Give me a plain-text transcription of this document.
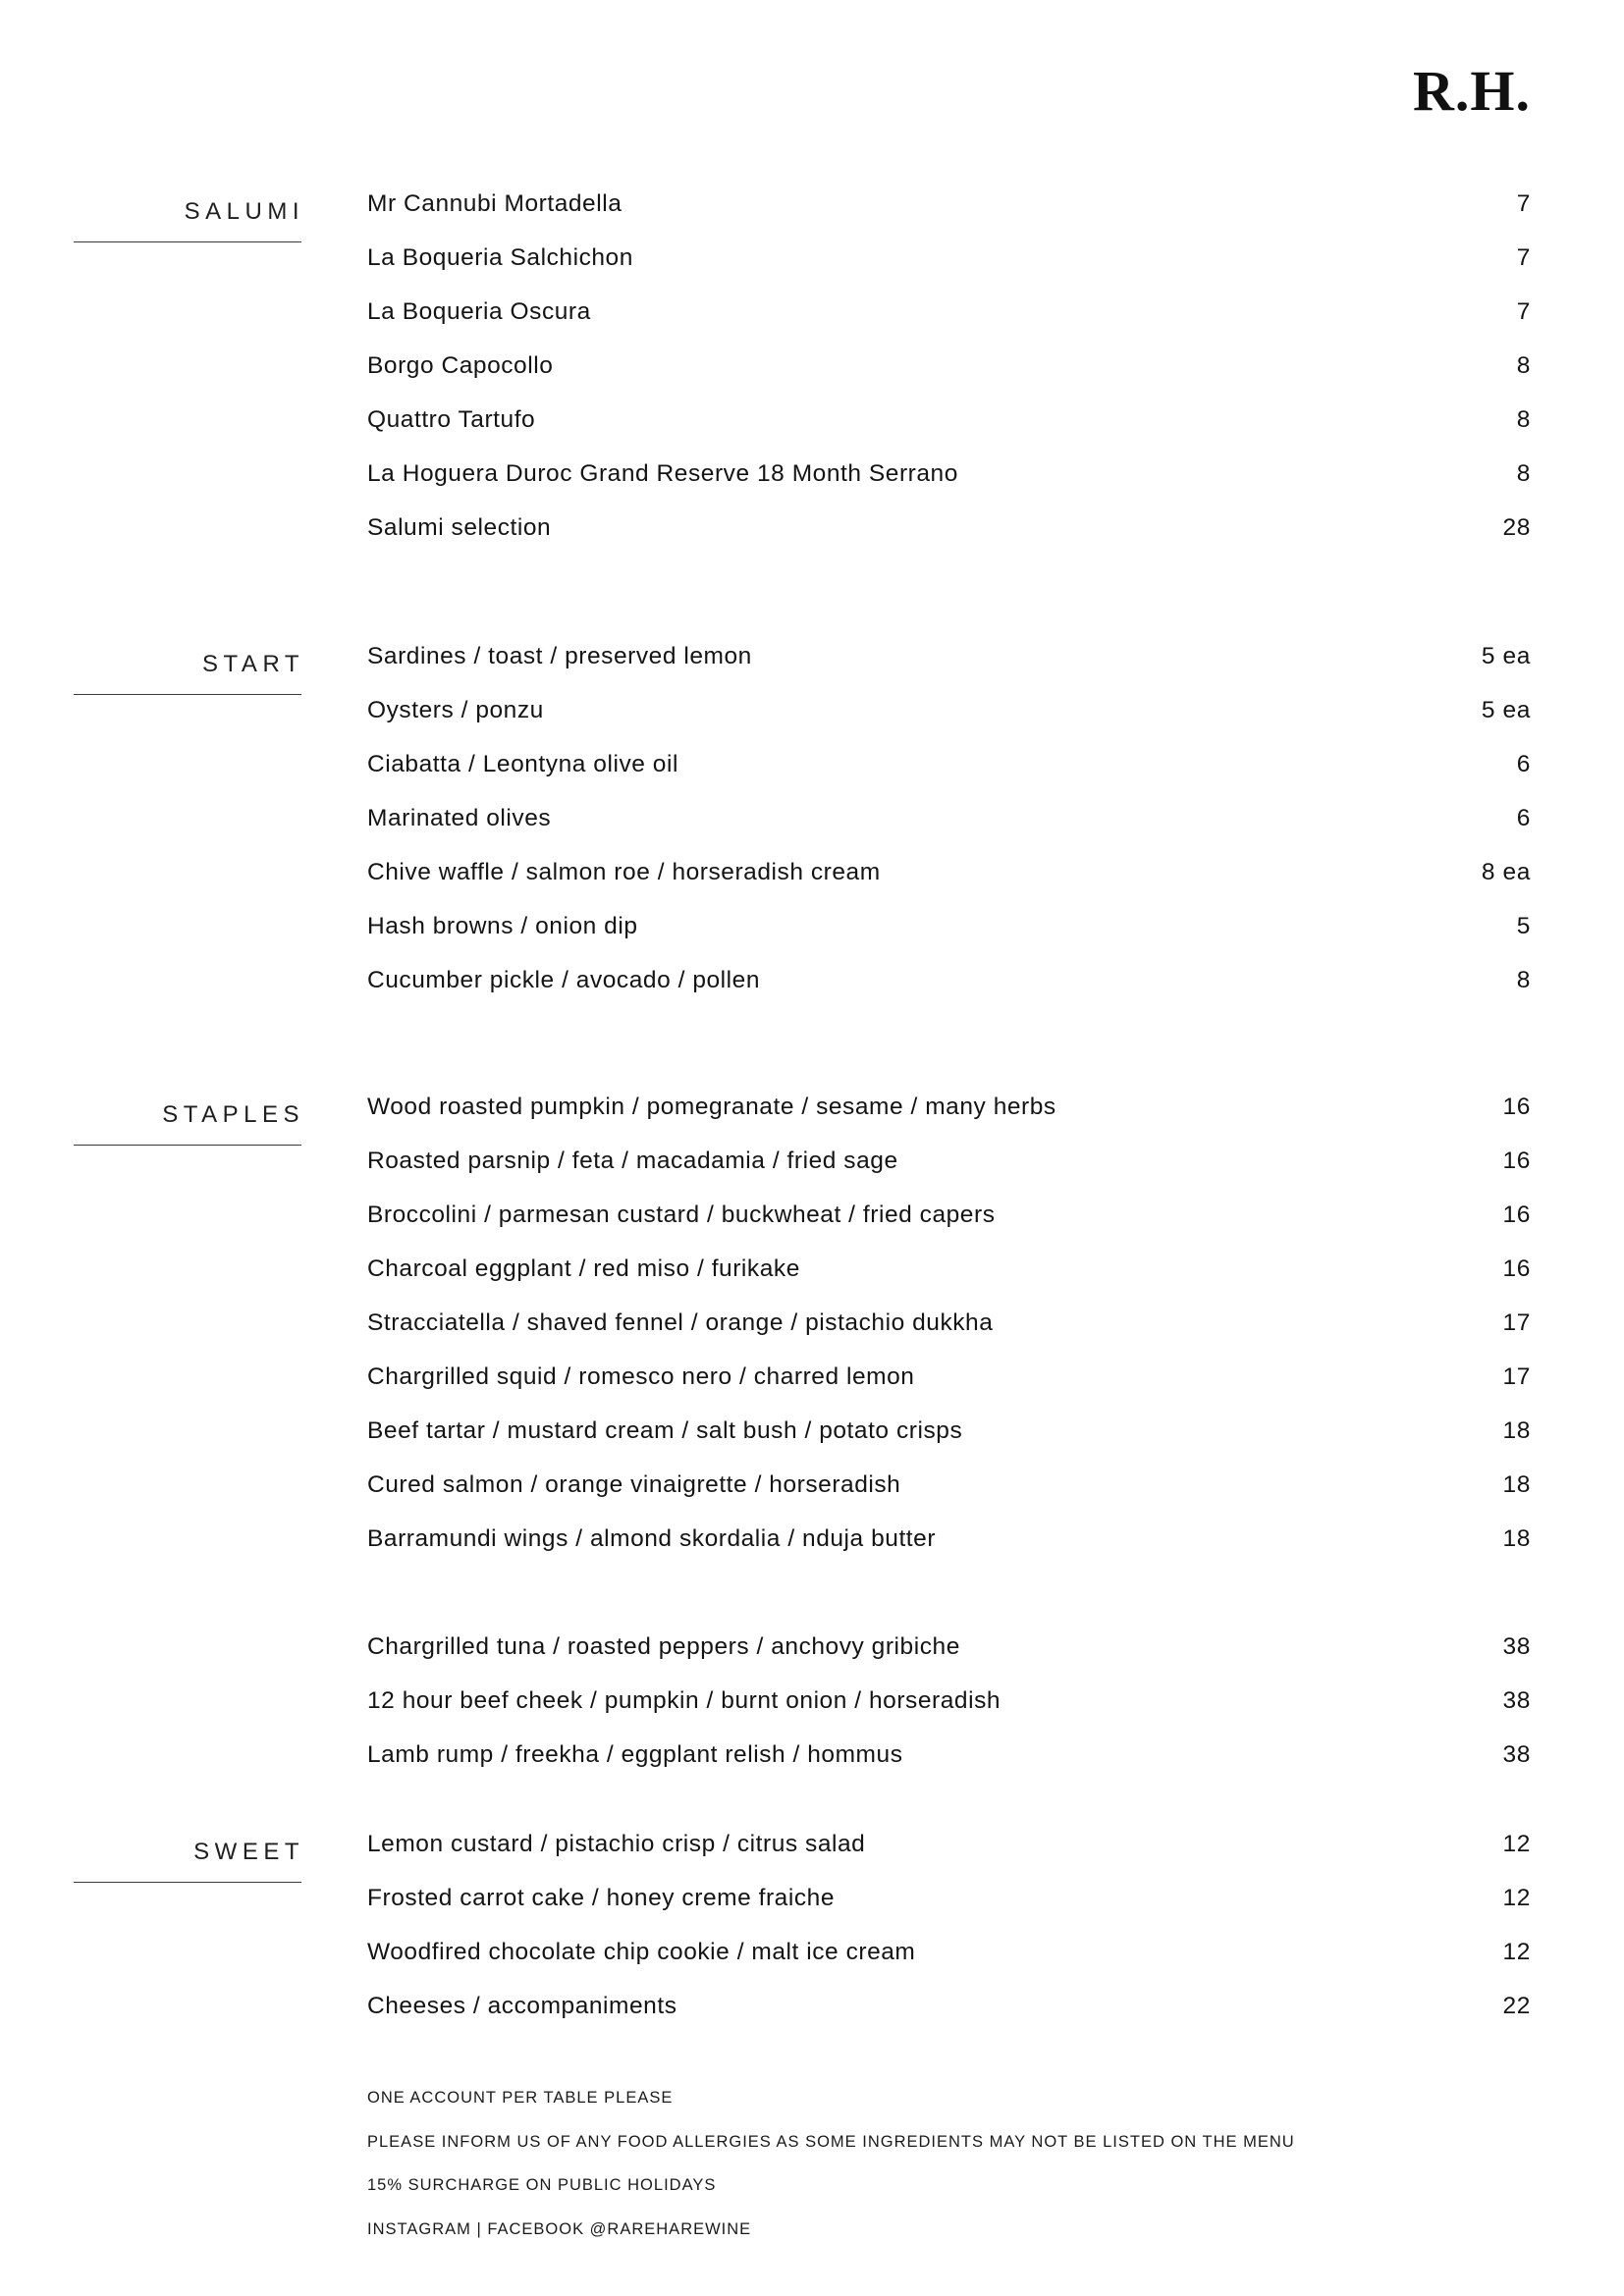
R.H.
SALUMI	Mr Cannubi Mortadella	7
La Boqueria Salchichon	7
La Boqueria Oscura	7
Borgo Capocollo	8
Quattro Tartufo	8
La Hoguera Duroc Grand Reserve 18 Month Serrano	8
Salumi selection	28
START	Sardines / toast / preserved lemon	5 ea
Oysters / ponzu	5 ea
Ciabatta / Leontyna olive oil	6
Marinated olives	6
Chive waffle / salmon roe / horseradish cream	8 ea
Hash browns / onion dip	5
Cucumber pickle / avocado / pollen	8
STAPLES	Wood roasted pumpkin / pomegranate / sesame / many herbs	16
Roasted parsnip / feta / macadamia / fried sage	16
Broccolini / parmesan custard / buckwheat / fried capers	16
Charcoal eggplant / red miso / furikake	16
Stracciatella / shaved fennel / orange / pistachio dukkha	17
Chargrilled squid / romesco nero / charred lemon	17
Beef tartar / mustard cream / salt bush / potato crisps	18
Cured salmon / orange vinaigrette / horseradish	18
Barramundi wings / almond skordalia / nduja butter	18
Chargrilled tuna / roasted peppers / anchovy gribiche	38
12 hour beef cheek / pumpkin / burnt onion / horseradish	38
Lamb rump / freekha / eggplant relish / hommus	38
SWEET	Lemon custard / pistachio crisp / citrus salad	12
Frosted carrot cake / honey creme fraiche	12
Woodfired chocolate chip cookie / malt ice cream	12
Cheeses / accompaniments	22
ONE ACCOUNT PER TABLE PLEASE
PLEASE INFORM US OF ANY FOOD ALLERGIES AS SOME INGREDIENTS MAY NOT BE LISTED ON THE MENU
15% SURCHARGE ON PUBLIC HOLIDAYS
INSTAGRAM | FACEBOOK @RAREHAREWINE
